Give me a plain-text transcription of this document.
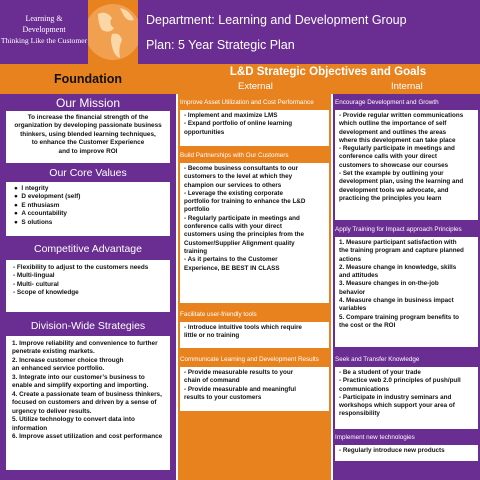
Learning &
Development
Thinking Like the Customer
Department: Learning and Development Group
Plan: 5 Year Strategic Plan
Foundation
Our Mission
To increase the financial strength of the
organization by developing passionate business
thinkers, using blended learning techniques,
to enhance the Customer Experience
and to improve ROI
Our Core Values
●  I ntegrity
●  D evelopment (self)
●  E nthusiasm
●  A ccountability
●  S olutions
Competitive Advantage
- Flexibility to adjust to the customers needs
- Multi-lingual
- Multi- cultural
- Scope of knowledge
Division-Wide Strategies
1. Improve reliability and convenience to further
penetrate existing markets.
2. Increase customer choice through
an enhanced service portfolio.
3. Integrate into our customer’s business to
enable and simplify exporting and importing.
4. Create a passionate team of business thinkers,
focused on customers and driven by a sense of
urgency to deliver results.
5. Utilize technology to convert data into
information
6. Improve asset utilization and cost performance
L&D Strategic Objectives and Goals
External	Internal
Improve Asset Utilization and Cost Performance
- Implement and maximize LMS
- Expand portfolio of online learning
opportunities
Build Partnerships with Our Customers
- Become business consultants to our
customers to the level at which they
champion our services to others
- Leverage the existing corporate
portfolio for training to enhance the L&D
portfolio
- Regularly participate in meetings and
conference calls with your direct
customers using the principles from the
Customer/Supplier Alignment quality
training
- As it pertains to the Customer
Experience, BE BEST IN CLASS
Facilitate user-friendly tools
- Introduce intuitive tools which require
little or no training
Communicate Learning and Development Results
- Provide measurable results to your
chain of command
- Provide measurable and meaningful
results to your customers
Encourage Development and Growth
- Provide regular written communications
which outline the importance of self
development and outlines the areas
where this development can take place
- Regularly participate in meetings and
conference calls with your direct
customers to showcase our courses
- Set the example by outlining your
development plan, using the learning and
development tools we advocate, and
practicing the principles you learn
Apply Training for Impact approach Principles
1. Measure participant satisfaction with
the training program and capture planned
actions
2. Measure change in knowledge, skills
and attitudes
3. Measure changes in on-the-job
behavior
4. Measure change in business impact
variables
5. Compare training program benefits to
the cost or the ROI
Seek and Transfer Knowledge
- Be a student of your trade
- Practice web 2.0 principles of push/pull
communications
- Participate in industry seminars and
workshops which support your area of
responsibility
Implement new technologies
- Regularly introduce new products
